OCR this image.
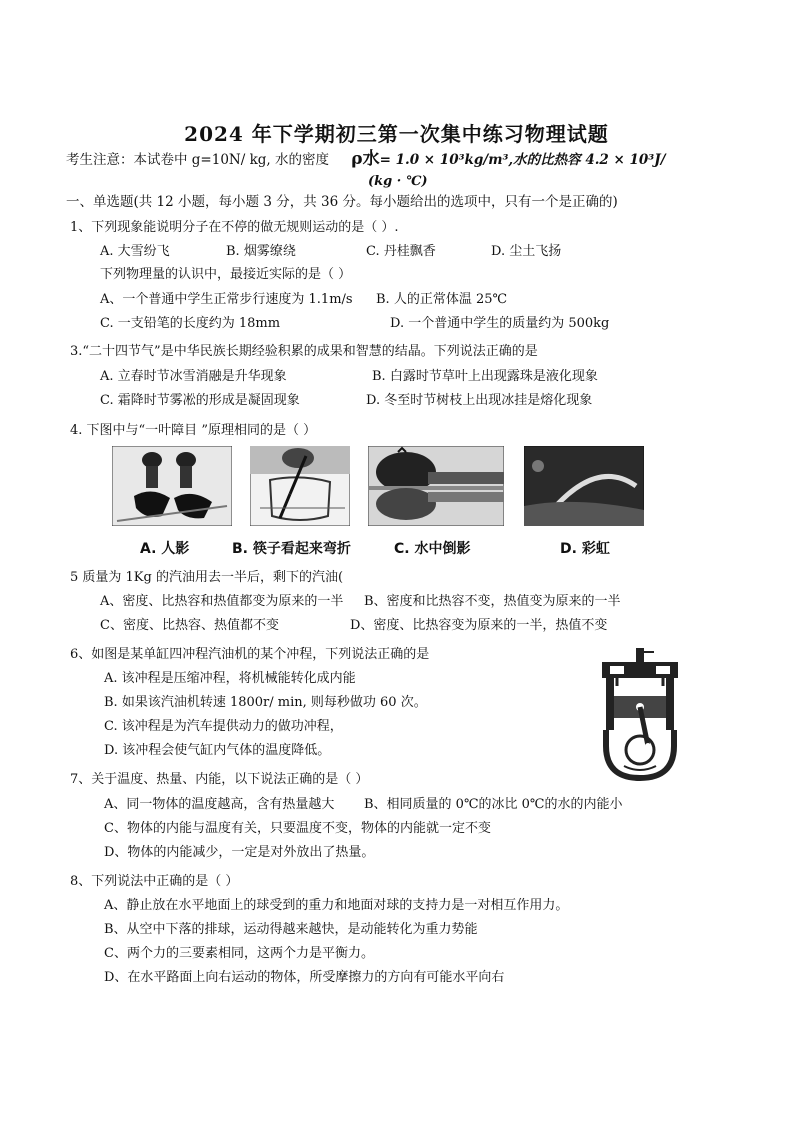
2024 年下学期初三第一次集中练习物理试题
考生注意：本试卷中 g=10N/ kg, 水的密度 ρ水= 1.0 × 10³kg/m³,水的比热容 4.2 × 10³J/
(kg · ℃)
一、单选题(共 12 小题，每小题 3 分，共 36 分。每小题给出的选项中，只有一个是正确的)
1、下列现象能说明分子在不停的做无规则运动的是（ ）.
A. 大雪纷飞	B. 烟雾缭绕	C. 丹桂飘香	D. 尘土飞扬
下列物理量的认识中，最接近实际的是（ ）
A、一个普通中学生正常步行速度为 1.1m/s B. 人的正常体温 25℃
C. 一支铅笔的长度约为 18mm	D. 一个普通中学生的质量约为 500kg
3.“二十四节气”是中华民族长期经验积累的成果和智慧的结晶。下列说法正确的是
A. 立春时节冰雪消融是升华现象	B. 白露时节草叶上出现露珠是液化现象
C. 霜降时节雾凇的形成是凝固现象	D. 冬至时节树枝上出现冰挂是熔化现象
4. 下图中与“一叶障目 ”原理相同的是（ ）
A. 人影	B. 筷子看起来弯折	C. 水中倒影	D. 彩虹
5 质量为 1Kg 的汽油用去一半后，剩下的汽油(
A、密度、比热容和热值都变为原来的一半 B、密度和比热容不变，热值变为原来的一半
C、密度、比热容、热值都不变	D、密度、比热容变为原来的一半，热值不变
6、如图是某单缸四冲程汽油机的某个冲程，下列说法正确的是
A. 该冲程是压缩冲程，将机械能转化成内能
B. 如果该汽油机转速 1800r/ min, 则每秒做功 60 次。
C. 该冲程是为汽车提供动力的做功冲程，
D. 该冲程会使气缸内气体的温度降低。
7、关于温度、热量、内能，以下说法正确的是（ ）
A、同一物体的温度越高，含有热量越大 B、相同质量的 0℃的冰比 0℃的水的内能小
C、物体的内能与温度有关，只要温度不变，物体的内能就一定不变
D、物体的内能减少，一定是对外放出了热量。
8、下列说法中正确的是（ ）
A、静止放在水平地面上的球受到的重力和地面对球的支持力是一对相互作用力。
B、从空中下落的排球，运动得越来越快，是动能转化为重力势能
C、两个力的三要素相同，这两个力是平衡力。
D、在水平路面上向右运动的物体，所受摩擦力的方向有可能水平向右
